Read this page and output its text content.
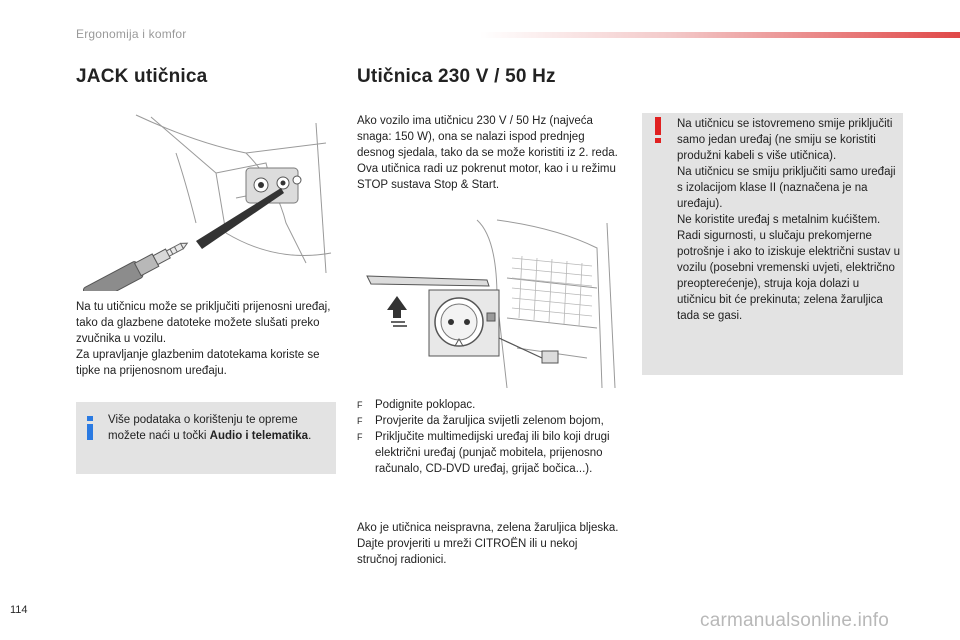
Ergonomija i komfor
JACK utičnica

Na tu utičnicu može se priključiti prijenosni uređaj, tako da glazbene datoteke možete slušati preko zvučnika u vozilu.

Za upravljanje glazbenim datotekama koriste se tipke na prijenosnom uređaju.

Više podataka o korištenju te opreme možete naći u točki Audio i telematika.
Utičnica 230 V / 50 Hz

Ako vozilo ima utičnicu 230 V / 50 Hz (najveća snaga: 150 W), ona se nalazi ispod prednjeg desnog sjedala, tako da se može koristiti iz 2. reda.

Ova utičnica radi uz pokrenut motor, kao i u režimu STOP sustava Stop & Start.

F Podignite poklopac.
F Provjerite da žaruljica svijetli zelenom bojom,
F Priključite multimedijski uređaj ili bilo koji drugi električni uređaj (punjač mobitela, prijenosno računalo, CD-DVD uređaj, grijač bočica...).

Ako je utičnica neispravna, zelena žaruljica bljeska.

Dajte provjeriti u mreži CITROËN ili u nekoj stručnoj radionici.

Na utičnicu se istovremeno smije priključiti samo jedan uređaj (ne smiju se koristiti produžni kabeli s više utičnica).

Na utičnicu se smiju priključiti samo uređaji s izolacijom klase II (naznačena je na uređaju).

Ne koristite uređaj s metalnim kućištem.

Radi sigurnosti, u slučaju prekomjerne potrošnje i ako to iziskuje električni sustav u vozilu (posebni vremenski uvjeti, električno preopterećenje), struja koja dolazi u utičnicu bit će prekinuta; zelena žaruljica tada se gasi.

114	carmanualsonline.info
